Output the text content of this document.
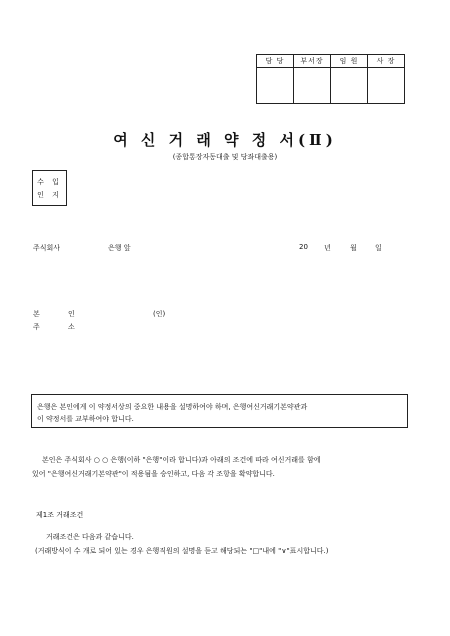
담 당	부서장	임 원	사 장

여 신 거 래 약 정 서(Ⅱ)
(종합통장자동대출 및 당좌대출용)
수 입
인 지
주식회사	은행 앞	20 년	월	일
본	인	(인)
주	소
은행은 본인에게 이 약정서상의 중요한 내용을 설명하여야 하며, 은행여신거래기본약관과
이 약정서를 교부하여야 합니다.
본인은 주식회사 ○ ○ 은행(이하 "은행"이라 합니다)과 아래의 조건에 따라 여신거래를 함에
있어 "은행여신거래기본약관"이 적용됨을 승인하고, 다음 각 조항을 확약합니다.
제1조 거래조건
거래조건은 다음과 같습니다.
(거래방식이 수 개로 되어 있는 경우 은행직원의 설명을 듣고 해당되는 "□"내에 "∨"표시합니다.)
